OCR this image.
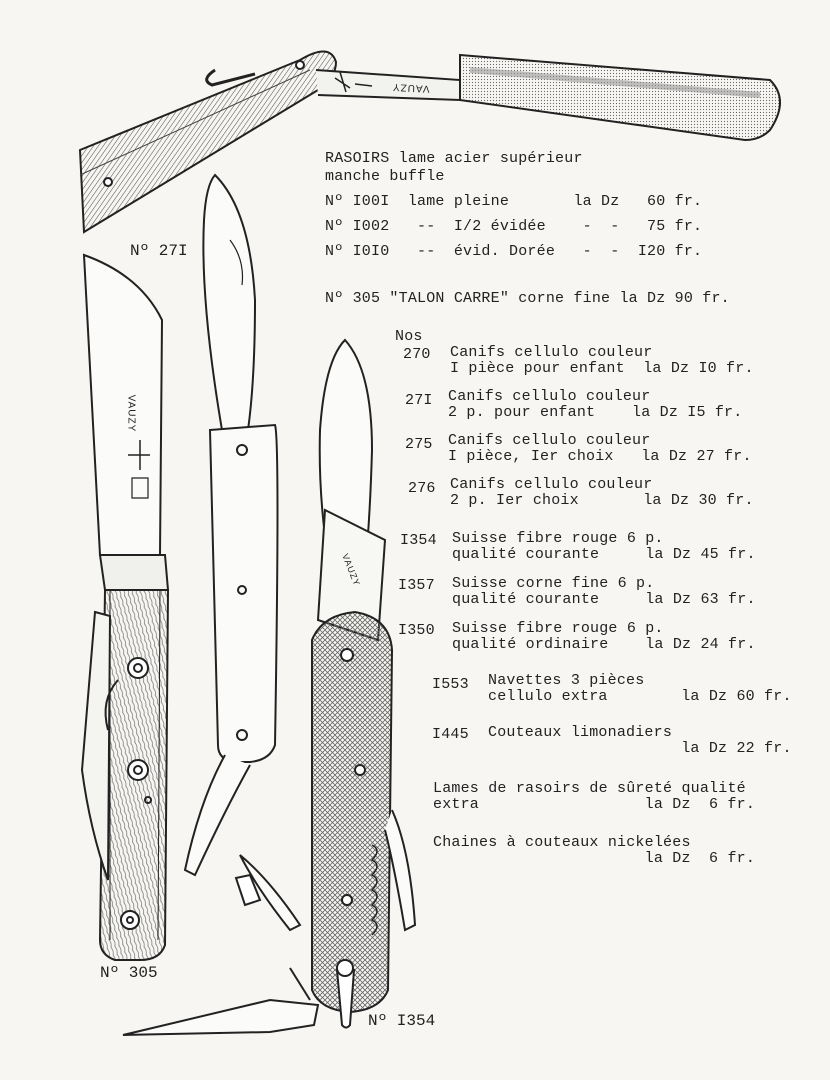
VAUZY
VAUZY
VAUZY
Nº 27I
Nº 305
Nº I354
RASOIRS lame acier supérieur
manche buffle
Nº I00I  lame pleine       la Dz   60 fr.
Nº I002   --  I/2 évidée    -  -   75 fr.
Nº I0I0   --  évid. Dorée   -  -  I20 fr.
Nº 305 "TALON CARRE" corne fine la Dz 90 fr.
Nos
270 Canifs cellulo couleur
I pièce pour enfant  la Dz I0 fr.
27I Canifs cellulo couleur
2 p. pour enfant    la Dz I5 fr.
275 Canifs cellulo couleur
I pièce, Ier choix   la Dz 27 fr.
276 Canifs cellulo couleur
2 p. Ier choix       la Dz 30 fr.
I354 Suisse fibre rouge 6 p.
qualité courante     la Dz 45 fr.
I357 Suisse corne fine 6 p.
qualité courante     la Dz 63 fr.
I350 Suisse fibre rouge 6 p.
qualité ordinaire    la Dz 24 fr.
I553 Navettes 3 pièces
cellulo extra        la Dz 60 fr.
I445 Couteaux limonadiers
la Dz 22 fr.
Lames de rasoirs de sûreté qualité
extra                  la Dz  6 fr.
Chaines à couteaux nickelées
la Dz  6 fr.
